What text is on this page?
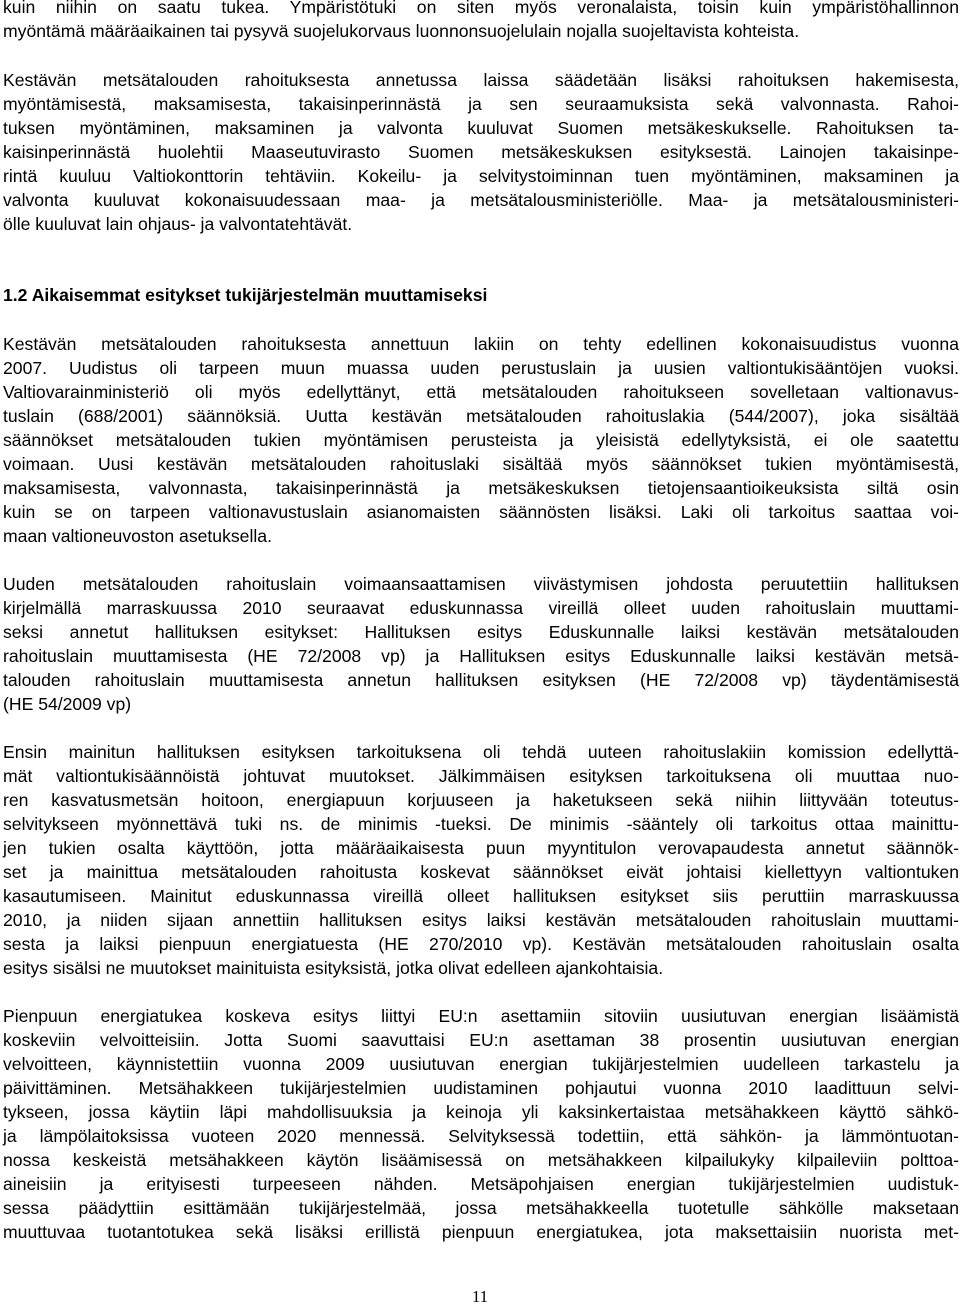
kuin niihin on saatu tukea. Ympäristötuki on siten myös veronalaista, toisin kuin ympäristöhallinnon
myöntämä määräaikainen tai pysyvä suojelukorvaus luonnonsuojelulain nojalla suojeltavista kohteista.

Kestävän metsätalouden rahoituksesta annetussa laissa säädetään lisäksi rahoituksen hakemisesta,
myöntämisestä, maksamisesta, takaisinperinnästä ja sen seuraamuksista sekä valvonnasta. Rahoi-
tuksen myöntäminen, maksaminen ja valvonta kuuluvat Suomen metsäkeskukselle. Rahoituksen ta-
kaisinperinnästä huolehtii Maaseutuvirasto Suomen metsäkeskuksen esityksestä. Lainojen takaisinpe-
rintä kuuluu Valtiokonttorin tehtäviin. Kokeilu- ja selvitystoiminnan tuen myöntäminen, maksaminen ja
valvonta kuuluvat kokonaisuudessaan maa- ja metsätalousministeriölle. Maa- ja metsätalousministeri-
ölle kuuluvat lain ohjaus- ja valvontatehtävät.

1.2 Aikaisemmat esitykset tukijärjestelmän muuttamiseksi

Kestävän metsätalouden rahoituksesta annettuun lakiin on tehty edellinen kokonaisuudistus vuonna
2007. Uudistus oli tarpeen muun muassa uuden perustuslain ja uusien valtiontukisääntöjen vuoksi.
Valtiovarainministeriö oli myös edellyttänyt, että metsätalouden rahoitukseen sovelletaan valtionavus-
tuslain (688/2001) säännöksiä. Uutta kestävän metsätalouden rahoituslakia (544/2007), joka sisältää
säännökset metsätalouden tukien myöntämisen perusteista ja yleisistä edellytyksistä, ei ole saatettu
voimaan. Uusi kestävän metsätalouden rahoituslaki sisältää myös säännökset tukien myöntämisestä,
maksamisesta, valvonnasta, takaisinperinnästä ja metsäkeskuksen tietojensaantioikeuksista siltä osin
kuin se on tarpeen valtionavustuslain asianomaisten säännösten lisäksi. Laki oli tarkoitus saattaa voi-
maan valtioneuvoston asetuksella.

Uuden metsätalouden rahoituslain voimaansaattamisen viivästymisen johdosta peruutettiin hallituksen
kirjelmällä marraskuussa 2010 seuraavat eduskunnassa vireillä olleet uuden rahoituslain muuttami-
seksi annetut hallituksen esitykset: Hallituksen esitys Eduskunnalle laiksi kestävän metsätalouden
rahoituslain muuttamisesta (HE 72/2008 vp) ja Hallituksen esitys Eduskunnalle laiksi kestävän metsä-
talouden rahoituslain muuttamisesta annetun hallituksen esityksen (HE 72/2008 vp) täydentämisestä
(HE 54/2009 vp)

Ensin mainitun hallituksen esityksen tarkoituksena oli tehdä uuteen rahoituslakiin komission edellyttä-
mät valtiontukisäännöistä johtuvat muutokset. Jälkimmäisen esityksen tarkoituksena oli muuttaa nuo-
ren kasvatusmetsän hoitoon, energiapuun korjuuseen ja haketukseen sekä niihin liittyvään toteutus-
selvitykseen myönnettävä tuki ns. de minimis -tueksi. De minimis -sääntely oli tarkoitus ottaa mainittu-
jen tukien osalta käyttöön, jotta määräaikaisesta puun myyntitulon verovapaudesta annetut säännök-
set ja mainittua metsätalouden rahoitusta koskevat säännökset eivät johtaisi kiellettyyn valtiontuken
kasautumiseen. Mainitut eduskunnassa vireillä olleet hallituksen esitykset siis peruttiin marraskuussa
2010, ja niiden sijaan annettiin hallituksen esitys laiksi kestävän metsätalouden rahoituslain muuttami-
sesta ja laiksi pienpuun energiatuesta (HE 270/2010 vp). Kestävän metsätalouden rahoituslain osalta
esitys sisälsi ne muutokset mainituista esityksistä, jotka olivat edelleen ajankohtaisia.

Pienpuun energiatukea koskeva esitys liittyi EU:n asettamiin sitoviin uusiutuvan energian lisäämistä
koskeviin velvoitteisiin. Jotta Suomi saavuttaisi EU:n asettaman 38 prosentin uusiutuvan energian
velvoitteen, käynnistettiin vuonna 2009 uusiutuvan energian tukijärjestelmien uudelleen tarkastelu ja
päivittäminen. Metsähakkeen tukijärjestelmien uudistaminen pohjautui vuonna 2010 laadittuun selvi-
tykseen, jossa käytiin läpi mahdollisuuksia ja keinoja yli kaksinkertaistaa metsähakkeen käyttö sähkö-
ja lämpölaitoksissa vuoteen 2020 mennessä. Selvityksessä todettiin, että sähkön- ja lämmöntuotan-
nossa keskeistä metsähakkeen käytön lisäämisessä on metsähakkeen kilpailukyky kilpaileviin polttoa-
aineisiin ja erityisesti turpeeseen nähden. Metsäpohjaisen energian tukijärjestelmien uudistuk-
sessa päädyttiin esittämään tukijärjestelmää, jossa metsähakkeella tuotetulle sähkölle maksetaan
muuttuvaa tuotantotukea sekä lisäksi erillistä pienpuun energiatukea, jota maksettaisiin nuorista met-

11
